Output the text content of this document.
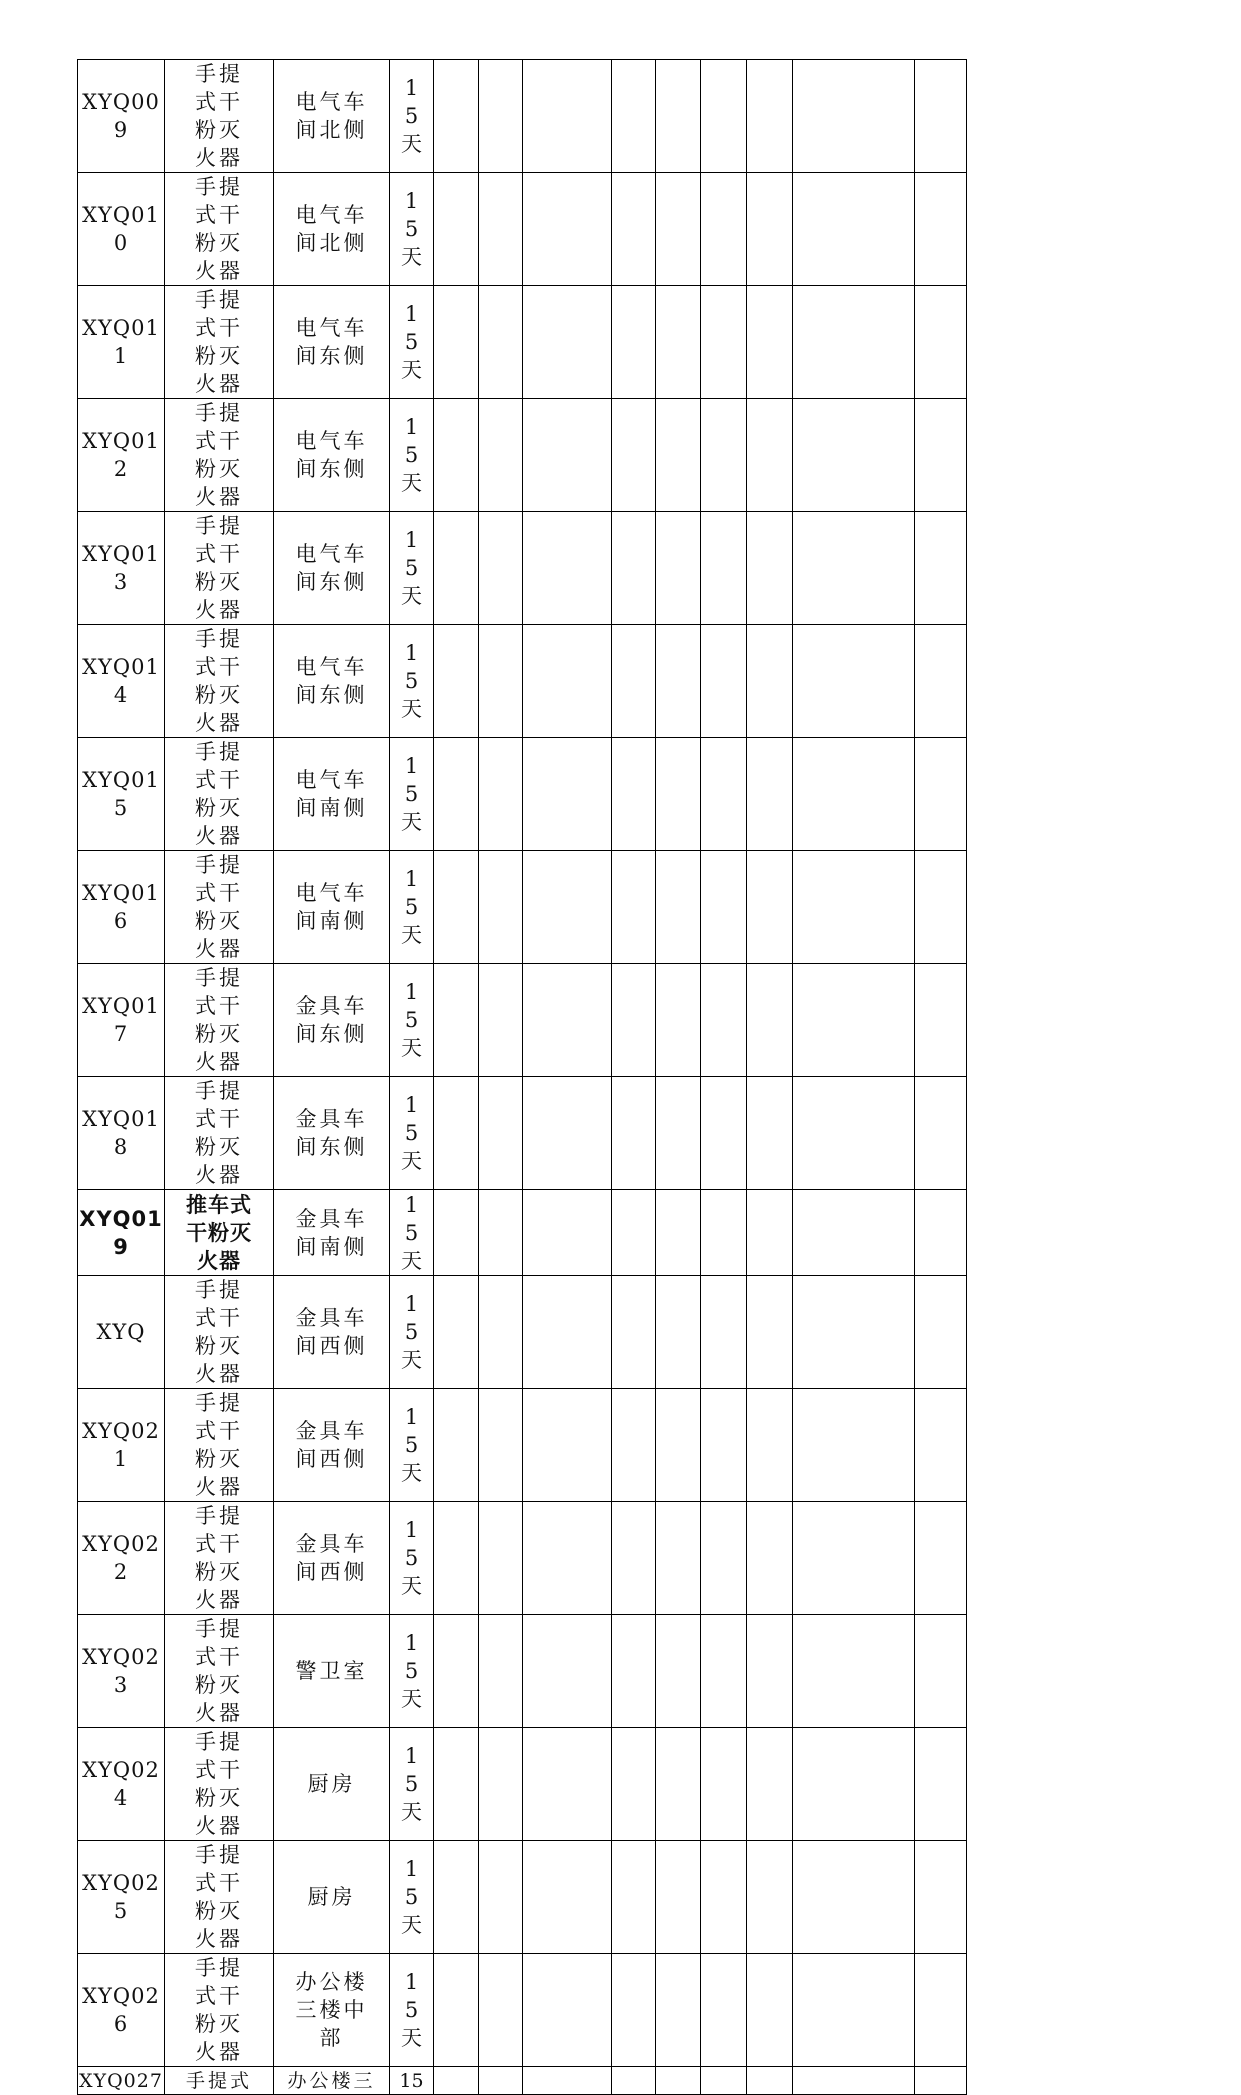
XYQ009	手提式干粉灭火器	电气车间北侧	15天									

XYQ010	手提式干粉灭火器	电气车间北侧	15天									

XYQ011	手提式干粉灭火器	电气车间东侧	15天									

XYQ012	手提式干粉灭火器	电气车间东侧	15天									

XYQ013	手提式干粉灭火器	电气车间东侧	15天									

XYQ014	手提式干粉灭火器	电气车间东侧	15天									

XYQ015	手提式干粉灭火器	电气车间南侧	15天									

XYQ016	手提式干粉灭火器	电气车间南侧	15天									

XYQ017	手提式干粉灭火器	金具车间东侧	15天									

XYQ018	手提式干粉灭火器	金具车间东侧	15天									

XYQ019	推车式干粉灭火器	金具车间南侧	15天									

XYQ	手提式干粉灭火器	金具车间西侧	15天									

XYQ021	手提式干粉灭火器	金具车间西侧	15天									

XYQ022	手提式干粉灭火器	金具车间西侧	15天									

XYQ023	手提式干粉灭火器	警卫室	15天									

XYQ024	手提式干粉灭火器	厨房	15天									

XYQ025	手提式干粉灭火器	厨房	15天									

XYQ026	手提式干粉灭火器	办公楼三楼中部	15天									

XYQ027	手提式	办公楼三	15									
